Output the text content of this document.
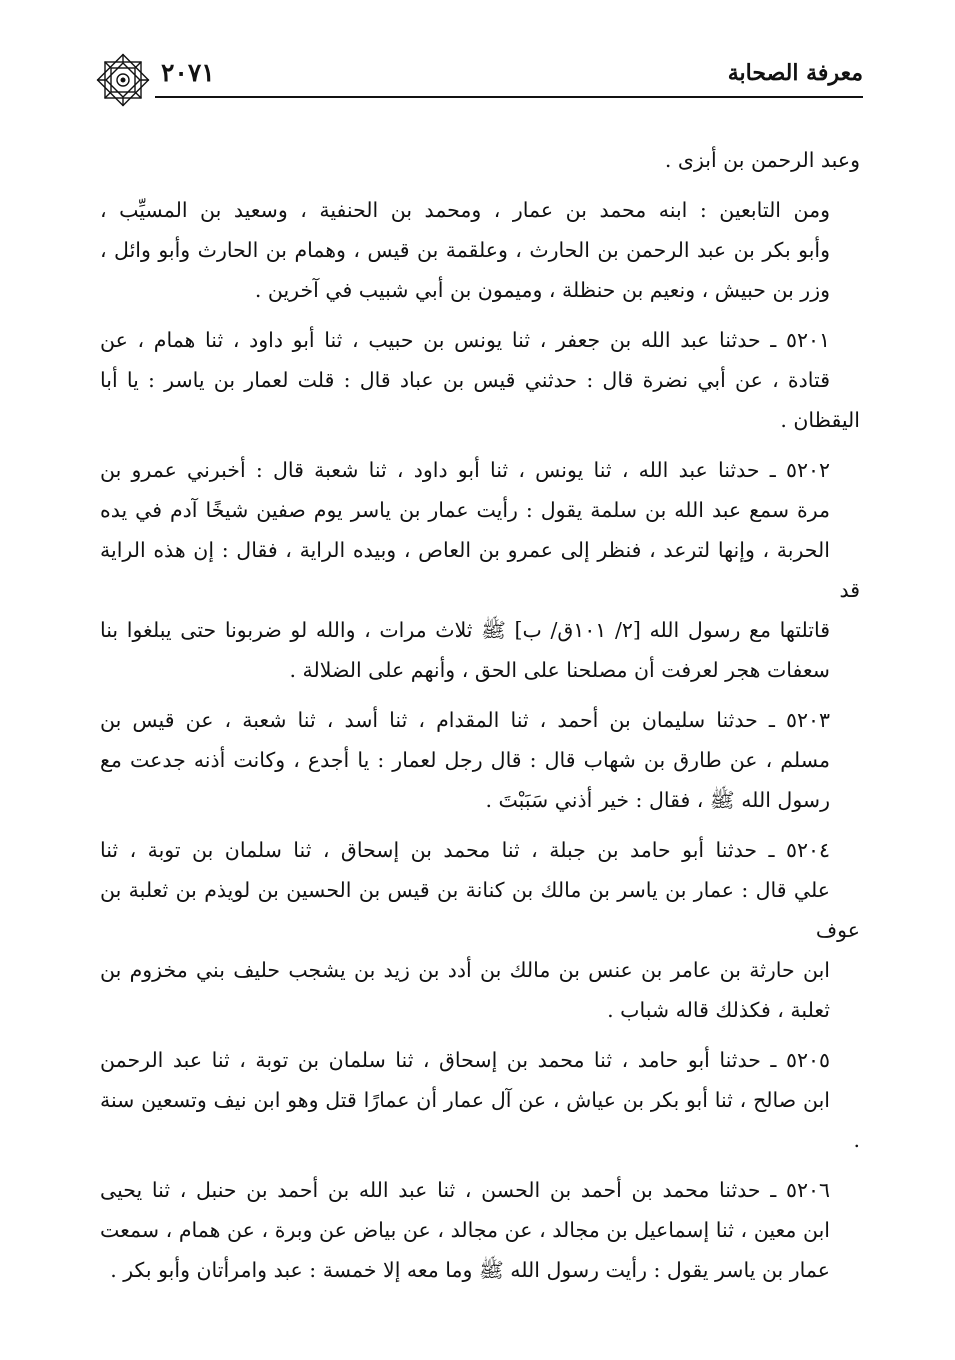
معرفة الصحابة
٢٠٧١

وعبد الرحمن بن أبزى .

ومن التابعين : ابنه محمد بن عمار ، ومحمد بن الحنفية ، وسعيد بن المسيِّب ،
وأبو بكر بن عبد الرحمن بن الحارث ، وعلقمة بن قيس ، وهمام بن الحارث وأبو وائل ،
وزر بن حبيش ، ونعيم بن حنظلة ، وميمون بن أبي شبيب في آخرين .

٥٢٠١ ـ حدثنا عبد الله بن جعفر ، ثنا يونس بن حبيب ، ثنا أبو داود ، ثنا همام ، عن
قتادة ، عن أبي نضرة قال : حدثني قيس بن عباد قال : قلت لعمار بن ياسر : يا أبا اليقظان .

٥٢٠٢ ـ حدثنا عبد الله ، ثنا يونس ، ثنا أبو داود ، ثنا شعبة قال : أخبرني عمرو بن
مرة سمع عبد الله بن سلمة يقول : رأيت عمار بن ياسر يوم صفين شيخًا آدم في يده
الحربة ، وإنها لترعد ، فنظر إلى عمرو بن العاص ، وبيده الراية ، فقال : إن هذه الراية قد
قاتلتها مع رسول الله [٢/ ١٠١ق/ ب] ﷺ ثلاث مرات ، والله لو ضربونا حتى يبلغوا بنا
سعفات هجر لعرفت أن مصلحنا على الحق ، وأنهم على الضلالة .

٥٢٠٣ ـ حدثنا سليمان بن أحمد ، ثنا المقدام ، ثنا أسد ، ثنا شعبة ، عن قيس بن
مسلم ، عن طارق بن شهاب قال : قال رجل لعمار : يا أجدع ، وكانت أذنه جدعت مع
رسول الله ﷺ ، فقال : خير أذني سَبَبْتَ .

٥٢٠٤ ـ حدثنا أبو حامد بن جبلة ، ثنا محمد بن إسحاق ، ثنا سلمان بن توبة ، ثنا
علي قال : عمار بن ياسر بن مالك بن كنانة بن قيس بن الحسين بن لويذم بن ثعلبة بن عوف
ابن حارثة بن عامر بن عنس بن مالك بن أدد بن زيد بن يشجب حليف بني مخزوم بن
ثعلبة ، فكذلك قاله شباب .

٥٢٠٥ ـ حدثنا أبو حامد ، ثنا محمد بن إسحاق ، ثنا سلمان بن توبة ، ثنا عبد الرحمن
ابن صالح ، ثنا أبو بكر بن عياش ، عن آل عمار أن عمارًا قتل وهو ابن نيف وتسعين سنة .

٥٢٠٦ ـ حدثنا محمد بن أحمد بن الحسن ، ثنا عبد الله بن أحمد بن حنبل ، ثنا يحيى
ابن معين ، ثنا إسماعيل بن مجالد ، عن مجالد ، عن بياض عن وبرة ، عن همام ، سمعت
عمار بن ياسر يقول : رأيت رسول الله ﷺ وما معه إلا خمسة : عبد وامرأتان وأبو بكر .
